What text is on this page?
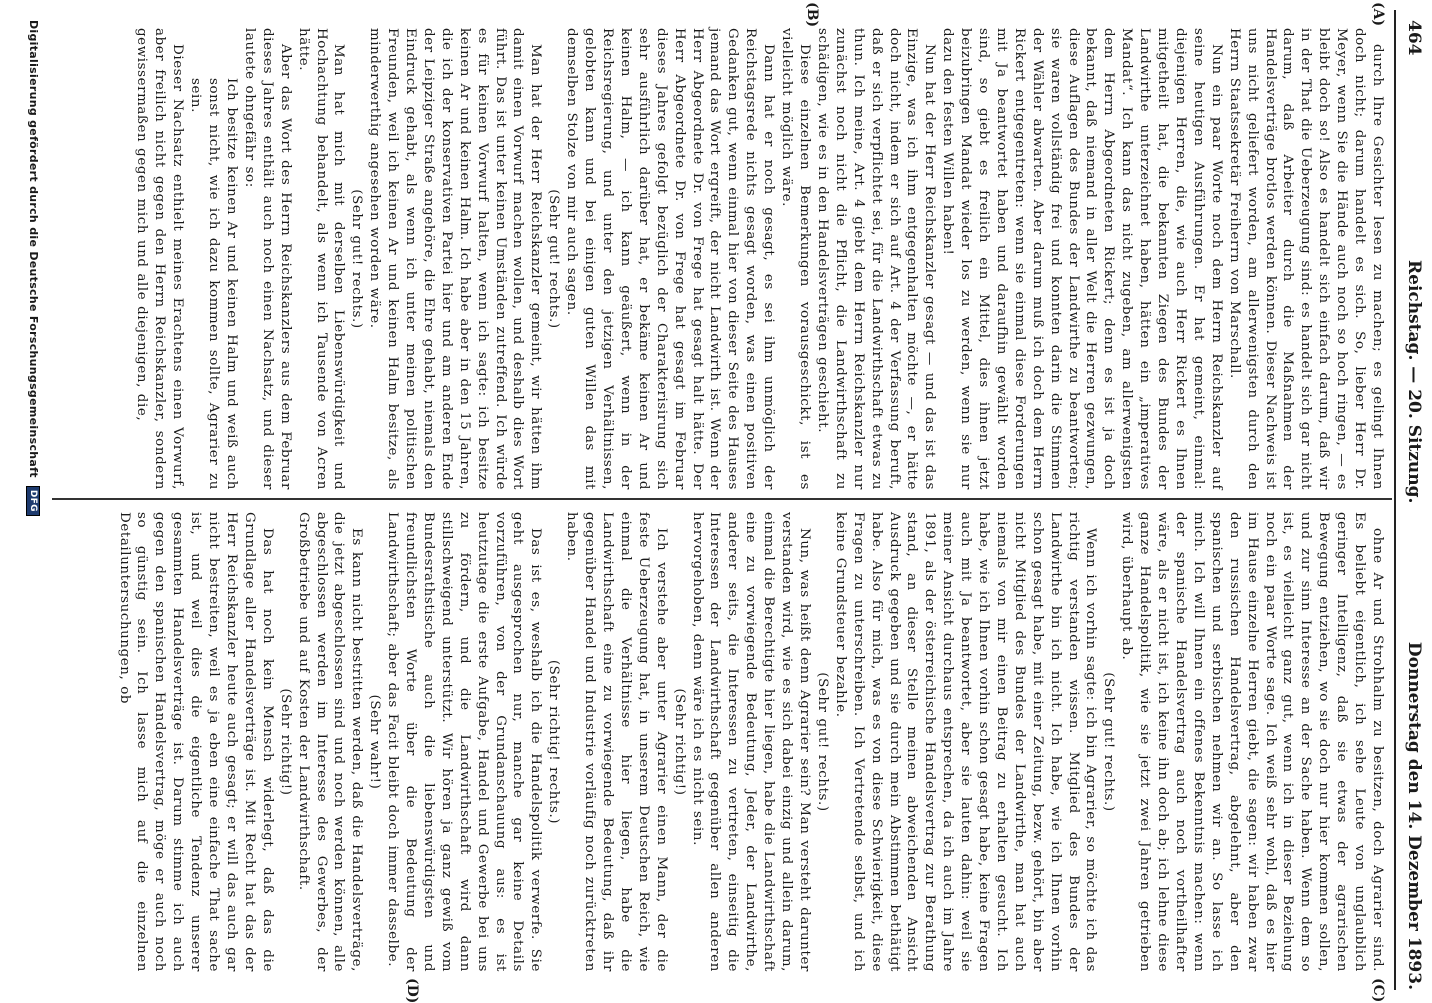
464
Reichstag. — 20. Sitzung.
Donnerstag den 14. Dezember 1893.
(A)
(B)
(C)
(D)

durch Ihre Gesichter lesen zu machen; es gelingt Ihnen doch nicht; darum handelt es sich. So, lieber Herr Dr. Meyer, wenn Sie die Hände auch noch so hoch ringen, — es bleibt doch so! Also es handelt sich einfach darum, daß wir in der That die Ueberzeugung sind: es handelt sich gar nicht darum, daß Arbeiter durch die Maßnahmen der Handelsverträge brotlos werden können. Dieser Nachweis ist uns nicht geliefert worden, am allerwenigsten durch den Herrn Staatssekretär Freiherrn von Marschall.

Nun ein paar Worte noch dem Herrn Reichskanzler auf seine heutigen Ausführungen. Er hat gemeint, einmal: diejenigen Herren, die, wie auch Herr Rickert es Ihnen mitgetheilt hat, die bekannten Ziegen des Bundes der Landwirthe unterzeichnet haben, hätten ein „imperatives Mandat“. Ich kann das nicht zugeben, am allerwenigsten dem Herrn Abgeordneten Rickert; denn es ist ja doch bekannt, daß niemand in aller Welt die Herren gezwungen, diese Auflagen des Bundes der Landwirthe zu beantworten; sie waren vollständig frei und konnten darin die Stimmen der Wähler abwarten. Aber darum muß ich doch dem Herrn Rickert entgegentreten: wenn sie einmal diese Forderungen mit Ja beantwortet haben und daraufhin gewählt worden sind, so giebt es freilich ein Mittel, dies ihnen jetzt beizubringen Mandat wieder los zu werden, wenn sie nur dazu den festen Willen haben!

Nun hat der Herr Reichskanzler gesagt — und das ist das Einzige, was ich ihm entgegenhalten möchte —, er hätte doch nicht, indem er sich auf Art. 4 der Verfassung beruft, daß er sich verpflichtet sei, für die Landwirthschaft etwas zu thun. Ich meine, Art. 4 giebt dem Herrn Reichskanzler nur zunächst noch nicht die Pflicht, die Landwirthschaft zu schädigen, wie es in den Handelsverträgen geschieht.

Diese einzelnen Bemerkungen vorausgeschickt, ist es vielleicht möglich wäre.

Dann hat er noch gesagt, es sei ihm unmöglich der Reichstagsrede nichts gesagt worden, was einen positiven Gedanken gut, wenn einmal hier von dieser Seite des Hauses jemand das Wort ergreift, der nicht Landwirth ist. Wenn der Herr Abgeordnete Dr. von Frege hat gesagt halt hätte. Der Herr Abgeordnete Dr. von Frege hat gesagt im Februar dieses Jahres gefolgt bezüglich der Charakterisirung sich sehr ausführlich darüber hat, er bekäme keinen Ar und keinen Halm, — ich kann geäußert, wenn in der Reichsregierung, und unter den jetzigen Verhältnissen, gelobten kann und bei einigen guten Willen das mit demselben Stolze von mir auch sagen.

(Sehr gut! rechts.)

Man hat der Herr Reichskanzler gemeint, wir hätten ihm damit einen Vorwurf machen wollen, und deshalb dies Wort führt. Das ist unter keinen Umständen zutreffend. Ich würde es für keinen Vorwurf halten, wenn ich sagte: ich besitze keinen Ar und keinen Halm. Ich habe aber in den 15 Jahren, die ich der konservativen Partei hier und am anderen Ende der Leipziger Straße angehöre, die Ehre gehabt, niemals den Eindruck gehabt, als wenn ich unter meinen politischen Freunden, weil ich keinen Ar und keinen Halm besitze, als minderwerthig angesehen worden wäre.

(Sehr gut! rechts.)

Man hat mich mit derselben Liebenswürdigkeit und Hochachtung behandelt, als wenn ich Tausende von Acren hätte.

Aber das Wort des Herrn Reichskanzlers aus dem Februar dieses Jahres enthält auch noch einen Nachsatz, und dieser lautete ohngefähr so:

Ich besitze keinen Ar und keinen Halm und weiß auch sonst nicht, wie ich dazu kommen sollte, Agrarier zu sein.

Dieser Nachsatz enthielt meines Erachtens einen Vorwurf, aber freilich nicht gegen den Herrn Reichskanzler, sondern gewissermaßen gegen mich und alle diejenigen, die,

ohne Ar und Strohhalm zu besitzen, doch Agrarier sind. Es beliebt eigentlich, ich sehe Leute von unglaublich geringer Intelligenz, daß sie etwas der agrarischen Bewegung entziehen, wo sie doch nur hier kommen sollen, und zur sinn Interesse an der Sache haben. Wenn dem so ist, es vielleicht ganz gut, wenn ich in dieser Beziehung noch ein paar Worte sage. Ich weiß sehr wohl, daß es hier im Hause einzelne Herren giebt, die sagen: wir haben zwar den russischen Handelsvertrag, abgelehnt, aber den spanischen und serbischen nehmen wir an. So lasse ich mich. Ich will Ihnen ein offenes Bekenntnis machen: wenn der spanische Handelsvertrag auch noch vortheilhafter wäre, als er nicht ist, ich keine ihn doch ab; ich lehne diese ganze Handelspolitik, wie sie jetzt zwei Jahren getrieben wird, überhaupt ab.

(Sehr gut! rechts.)

Wenn ich vorhin sagte: ich bin Agrarier, so möchte ich das richtig verstanden wissen. Mitglied des Bundes der Landwirthe bin ich nicht. Ich habe, wie ich Ihnen vorhin schon gesagt habe, mit einer Zeitung, bezw. gehört, bin aber nicht Mitglied des Bundes der Landwirthe, man hat auch niemals von mir einen Beitrag zu erhalten gesucht. Ich habe, wie ich Ihnen vorhin schon gesagt habe, keine Fragen auch mit Ja beantwortet, aber sie lauten dahin: weil sie meiner Ansicht durchaus entsprechen, da ich auch im Jahre 1891, als der österreichische Handelsvertrag zur Berathung stand, an dieser Stelle meinen abweichenden Ansicht Ausdruck gegeben und sie durch mein Abstimmen bethätigt habe. Also für mich, was es von diese Schwierigkeit, diese Fragen zu unterschreiben. Ich Vertretende selbst, und ich keine Grundsteuer bezahle.

(Sehr gut! rechts.)

Nun, was heißt denn Agrarier sein? Man versteht darunter verstanden wird, wie es sich dabei einzig und allein darum, einmal die Berechtigte hier liegen, habe die Landwirthschaft eine zu vorwiegende Bedeutung, Jeder, der Landwirthe, anderer seits, die Interessen zu vertreten, einseitig die Interessen der Landwirthschaft gegenüber allen anderen hervorgehoben, denn wäre ich es nicht sein.

(Sehr richtig!)

Ich verstehe aber unter Agrarier einen Mann, der die feste Ueberzeugung hat, in unserem Deutschen Reich, wie einmal die Verhältnisse hier liegen, habe die Landwirthschaft eine zu vorwiegende Bedeutung, daß ihr gegenüber Handel und Industrie vorläufig noch zurücktreten haben.

(Sehr richtig! rechts.)

Das ist es, weshalb ich die Handelspolitik verwerfe. Sie geht ausgesprochen nur, manche gar keine Details vorzuführen, von der Grundanschauung aus: es ist heutzutage die erste Aufgabe, Handel und Gewerbe bei uns zu fördern, und die Landwirthschaft wird dann stillschweigend unterstützt. Wir hören ja ganz gewiß vom Bundesrathstische auch die liebenswürdigsten und freundlichsten Worte über die Bedeutung der Landwirthschaft; aber das Facit bleibt doch immer dasselbe.

(Sehr wahr!)

Es kann nicht bestritten werden, daß die Handelsverträge, die jetzt abgeschlossen sind und noch werden können, alle abgeschlossen werden im Interesse des Gewerbes, der Großbetriebe und auf Kosten der Landwirthschaft.

(Sehr richtig!)

Das hat noch kein Mensch widerlegt, daß das die Grundlage aller Handelsverträge ist. Mit Recht hat das der Herr Reichskanzler heute auch gesagt; er will das auch gar nicht bestreiten, weil es ja eben eine einfache That sache ist, und weil dies die eigentliche Tendenz unserer gesammten Handelsverträge ist. Darum stimme ich auch gegen den spanischen Handelsvertrag, möge er auch noch so günstig sein. Ich lasse mich auf die einzelnen Detailuntersuchungen, ob

Digitalisierung gefördert durch die Deutsche Forschungsgemeinschaft DFG
